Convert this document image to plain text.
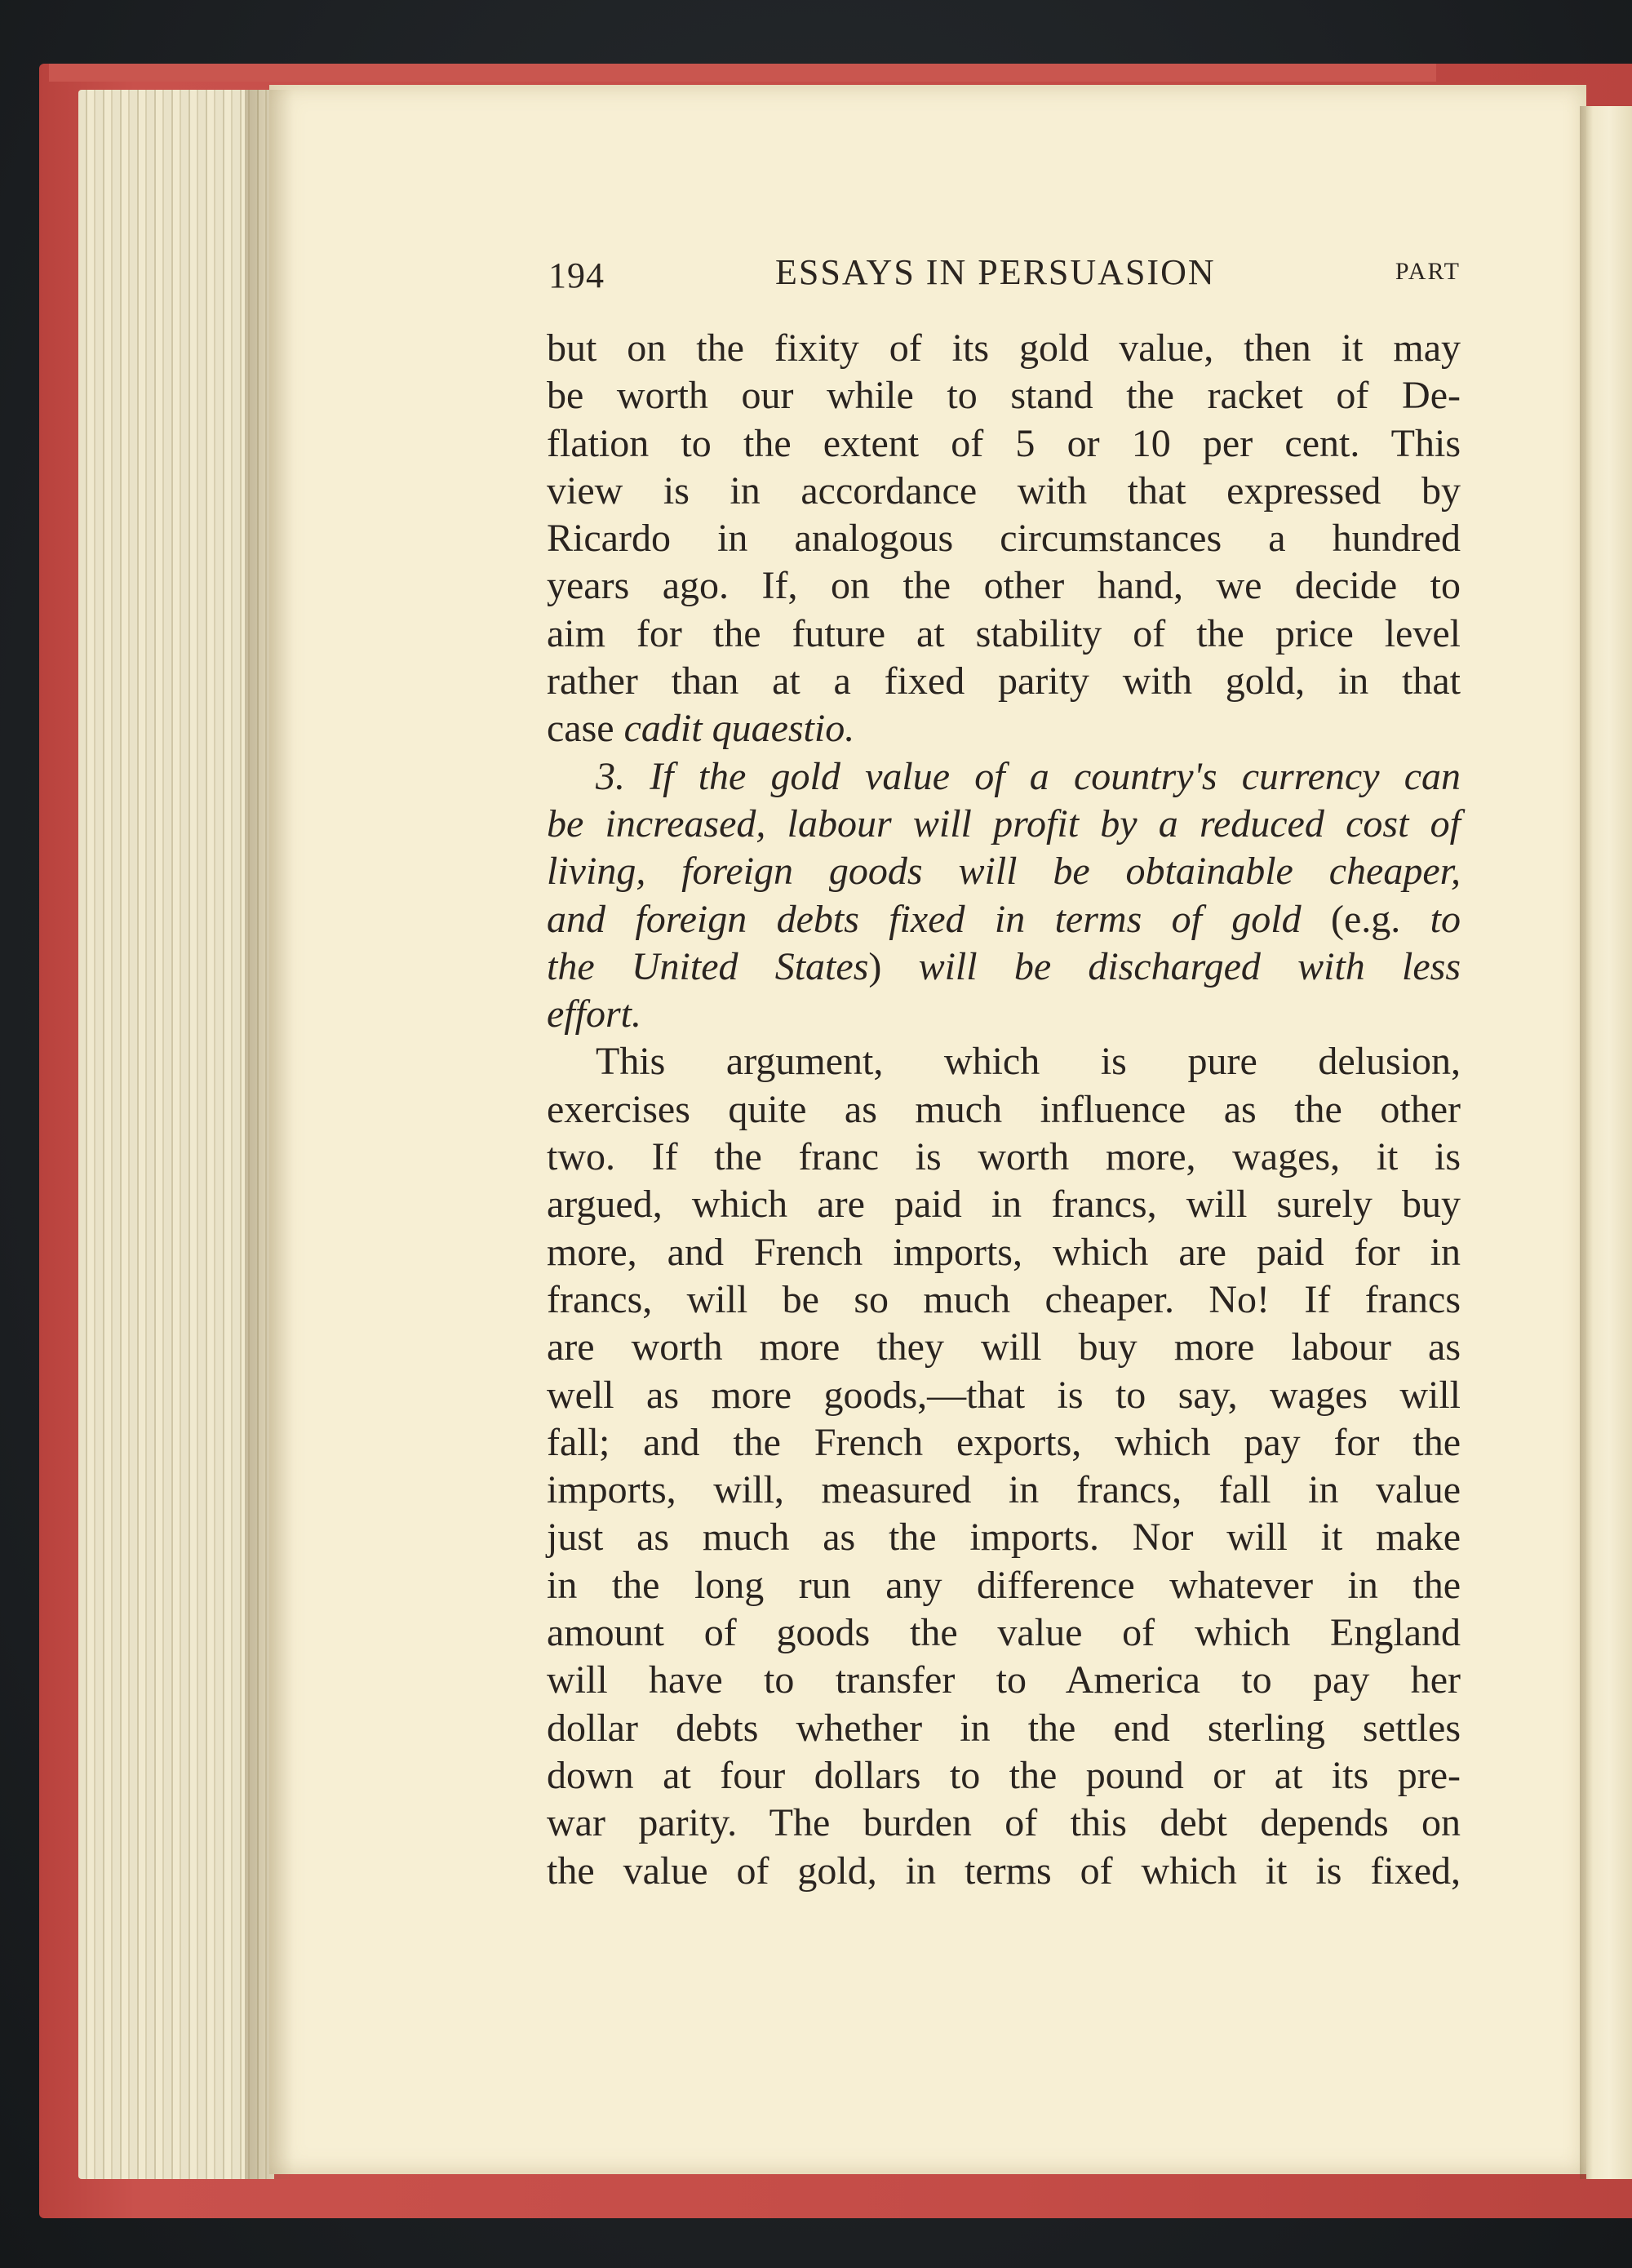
194	ESSAYS IN PERSUASION	PART
but on the fixity of its gold value, then it may
be worth our while to stand the racket of De-
flation to the extent of 5 or 10 per cent. This
view is in accordance with that expressed by
Ricardo in analogous circumstances a hundred
years ago. If, on the other hand, we decide to
aim for the future at stability of the price level
rather than at a fixed parity with gold, in that
case cadit quaestio.
3. If the gold value of a country's currency can
be increased, labour will profit by a reduced cost of
living, foreign goods will be obtainable cheaper,
and foreign debts fixed in terms of gold (e.g. to
the United States) will be discharged with less
effort.
This argument, which is pure delusion,
exercises quite as much influence as the other
two. If the franc is worth more, wages, it is
argued, which are paid in francs, will surely buy
more, and French imports, which are paid for in
francs, will be so much cheaper. No! If francs
are worth more they will buy more labour as
well as more goods,—that is to say, wages will
fall; and the French exports, which pay for the
imports, will, measured in francs, fall in value
just as much as the imports. Nor will it make
in the long run any difference whatever in the
amount of goods the value of which England
will have to transfer to America to pay her
dollar debts whether in the end sterling settles
down at four dollars to the pound or at its pre-
war parity. The burden of this debt depends on
the value of gold, in terms of which it is fixed,
